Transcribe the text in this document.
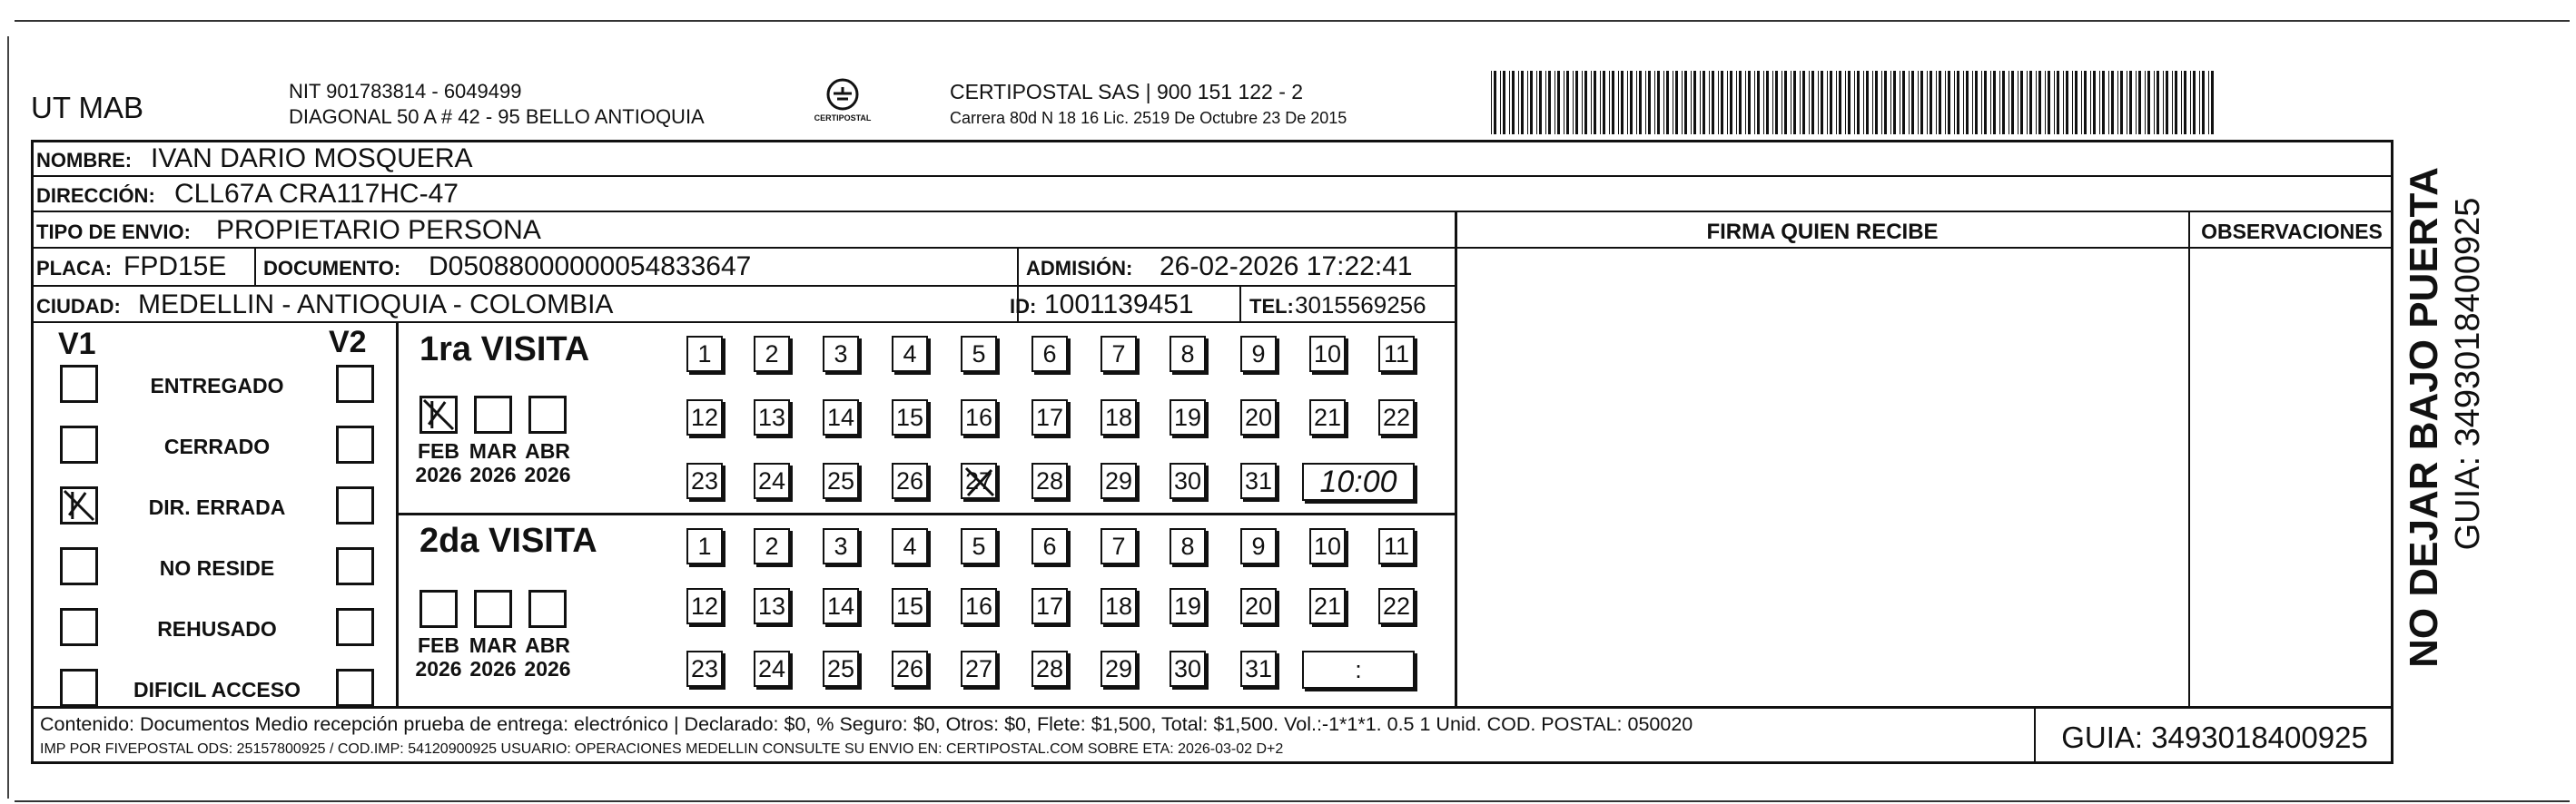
UT MAB	NIT 901783814 - 6049499
DIAGONAL 50 A # 42 - 95 BELLO ANTIOQUIA	CERTIPOSTAL
CERTIPOSTAL SAS | 900 151 122 - 2
Carrera 80d N 18 16 Lic. 2519 De Octubre 23 De 2015
NOMBRE: IVAN DARIO MOSQUERA
DIRECCIÓN: CLL67A CRA117HC-47
TIPO DE ENVIO: PROPIETARIO PERSONA
PLACA: FPD15E DOCUMENTO: D05088000000054833647	ADMISIÓN: 26-02-2026 17:22:41
CIUDAD: MEDELLIN - ANTIOQUIA - COLOMBIA	ID: 1001139451	TEL: 3015569256
FIRMA QUIEN RECIBE	OBSERVACIONES
V1	V2
ENTREGADO
CERRADO
DIR. ERRADA
NO RESIDE
REHUSADO
DIFICIL ACCESO
1ra VISITA
2da VISITA
FEB
2026
MAR
2026
ABR
2026
1	2	3	4	5	6	7	8	9	10 11
12 13 14 15 16 17 18 19 20 21 22
23 24 25 26 27 28 29 30 31	10:00
FEB
2026
MAR
2026
ABR
2026
1	2	3	4	5	6	7	8	9	10 11
12 13 14 15 16 17 18 19 20 21 22
23 24 25 26 27 28 29 30 31	:
Contenido: Documentos Medio recepción prueba de entrega: electrónico | Declarado: $0, % Seguro: $0, Otros: $0, Flete: $1,500, Total: $1,500. Vol.:-1*1*1. 0.5 1 Unid. COD. POSTAL: 050020
IMP POR FIVEPOSTAL ODS: 25157800925 / COD.IMP: 54120900925 USUARIO: OPERACIONES MEDELLIN CONSULTE SU ENVIO EN: CERTIPOSTAL.COM SOBRE ETA: 2026-03-02 D+2	GUIA: 3493018400925
NO DEJAR BAJO PUERTA GUIA: 3493018400925
